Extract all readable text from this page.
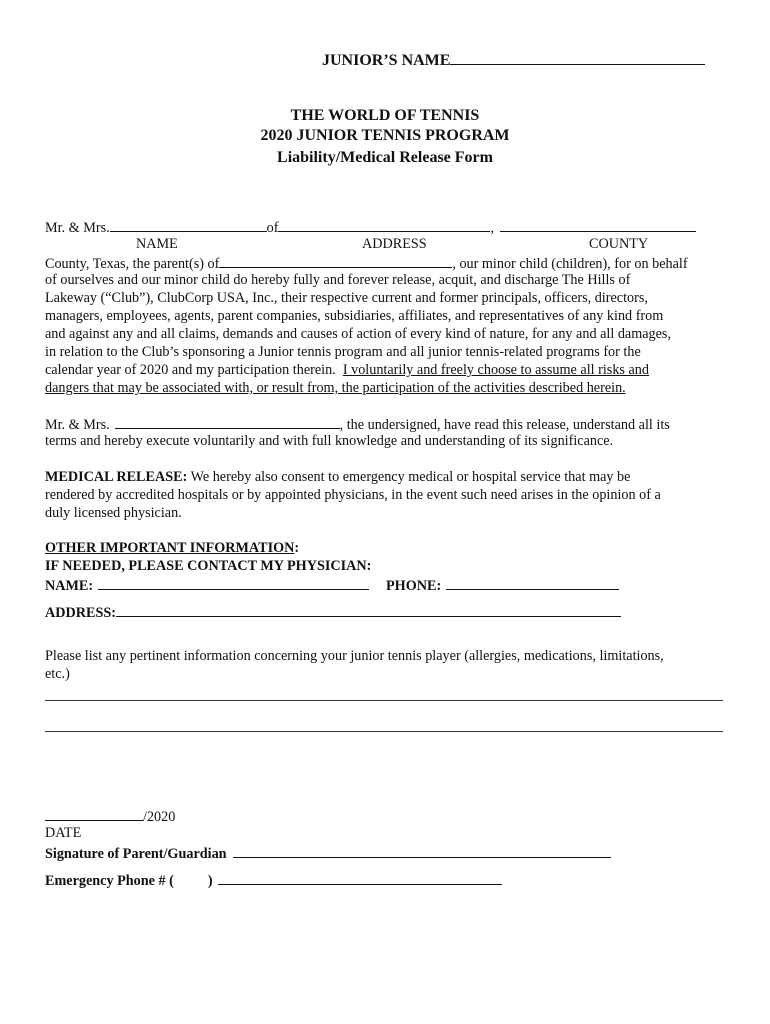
JUNIOR’S NAME
THE WORLD OF TENNIS
2020 JUNIOR TENNIS PROGRAM
Liability/Medical Release Form
Mr. & Mrs.	of	,
NAME	ADDRESS	COUNTY
County, Texas, the parent(s) of	, our minor child (children), for on behalf
of ourselves and our minor child do hereby fully and forever release, acquit, and discharge The Hills of
Lakeway (“Club”), ClubCorp USA, Inc., their respective current and former principals, officers, directors,
managers, employees, agents, parent companies, subsidiaries, affiliates, and representatives of any kind from
and against any and all claims, demands and causes of action of every kind of nature, for any and all damages,
in relation to the Club’s sponsoring a Junior tennis program and all junior tennis-related programs for the
calendar year of 2020 and my participation therein. I voluntarily and freely choose to assume all risks and
dangers that may be associated with, or result from, the participation of the activities described herein.
Mr. & Mrs.	, the undersigned, have read this release, understand all its
terms and hereby execute voluntarily and with full knowledge and understanding of its significance.
MEDICAL RELEASE: We hereby also consent to emergency medical or hospital service that may be
rendered by accredited hospitals or by appointed physicians, in the event such need arises in the opinion of a
duly licensed physician.
OTHER IMPORTANT INFORMATION:
IF NEEDED, PLEASE CONTACT MY PHYSICIAN:
NAME:	PHONE:
ADDRESS:
Please list any pertinent information concerning your junior tennis player (allergies, medications, limitations,
etc.)
/2020
DATE
Signature of Parent/Guardian
Emergency Phone # ( )
